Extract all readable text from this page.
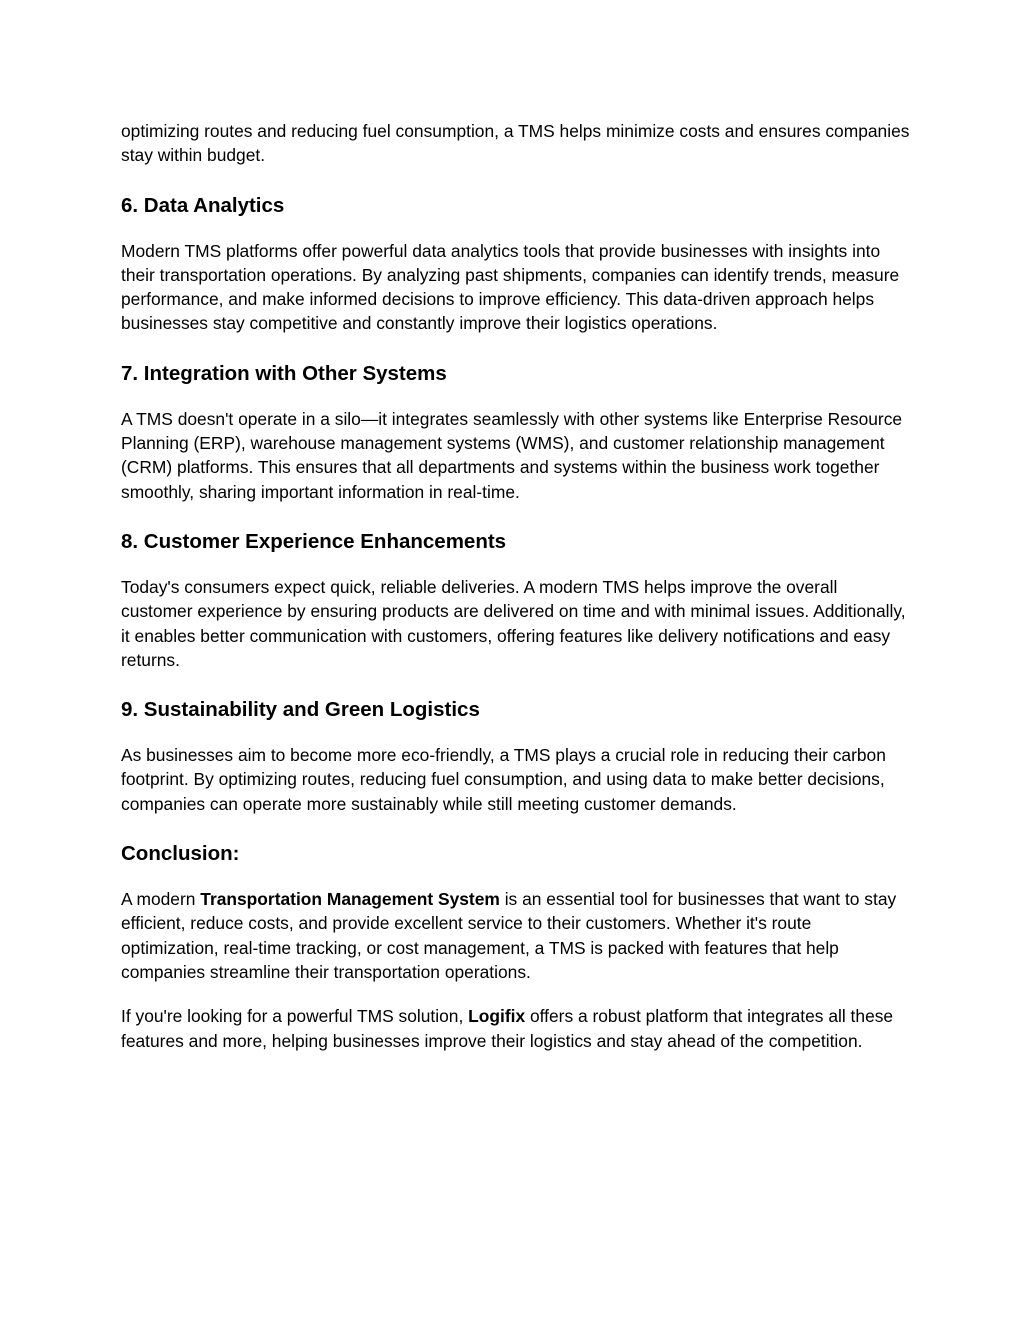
optimizing routes and reducing fuel consumption, a TMS helps minimize costs and ensures companies stay within budget.

6. Data Analytics

Modern TMS platforms offer powerful data analytics tools that provide businesses with insights into their transportation operations. By analyzing past shipments, companies can identify trends, measure performance, and make informed decisions to improve efficiency. This data-driven approach helps businesses stay competitive and constantly improve their logistics operations.

7. Integration with Other Systems

A TMS doesn't operate in a silo—it integrates seamlessly with other systems like Enterprise Resource Planning (ERP), warehouse management systems (WMS), and customer relationship management (CRM) platforms. This ensures that all departments and systems within the business work together smoothly, sharing important information in real-time.

8. Customer Experience Enhancements

Today's consumers expect quick, reliable deliveries. A modern TMS helps improve the overall customer experience by ensuring products are delivered on time and with minimal issues. Additionally, it enables better communication with customers, offering features like delivery notifications and easy returns.

9. Sustainability and Green Logistics

As businesses aim to become more eco-friendly, a TMS plays a crucial role in reducing their carbon footprint. By optimizing routes, reducing fuel consumption, and using data to make better decisions, companies can operate more sustainably while still meeting customer demands.

Conclusion:

A modern Transportation Management System is an essential tool for businesses that want to stay efficient, reduce costs, and provide excellent service to their customers. Whether it's route optimization, real-time tracking, or cost management, a TMS is packed with features that help companies streamline their transportation operations.

If you're looking for a powerful TMS solution, Logifix offers a robust platform that integrates all these features and more, helping businesses improve their logistics and stay ahead of the competition.
